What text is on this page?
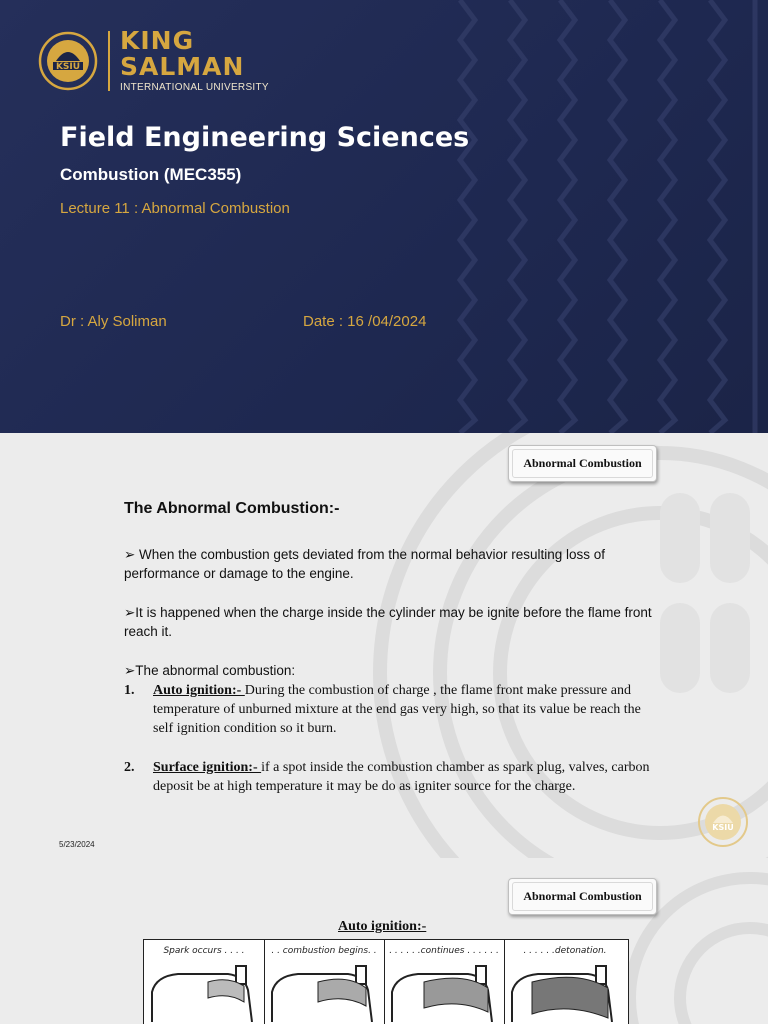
KSIU
KING
SALMAN
INTERNATIONAL UNIVERSITY
Field Engineering Sciences
Combustion (MEC355)
Lecture 11 : Abnormal Combustion
Dr : Aly Soliman	Date : 16 /04/2024
Abnormal Combustion
The Abnormal Combustion:-
➢ When the combustion gets deviated from the normal behavior resulting loss of performance or damage to the engine.
➢It is happened when the charge inside the cylinder may be ignite before the flame front reach it.
➢The abnormal combustion:
1. Auto ignition:- During the combustion of charge , the flame front make pressure and temperature of unburned mixture at the end gas very high, so that its value be reach the self ignition condition so it burn.
2. Surface ignition:- if a spot inside the combustion chamber as spark plug, valves, carbon deposit be at high temperature it may be do as igniter source for the charge.
5/23/2024
KSIU
Abnormal Combustion
Auto ignition:-
Spark occurs . . . .	. . combustion begins. .	. . . . . .continues . . . . . .	. . . . . .detonation.
